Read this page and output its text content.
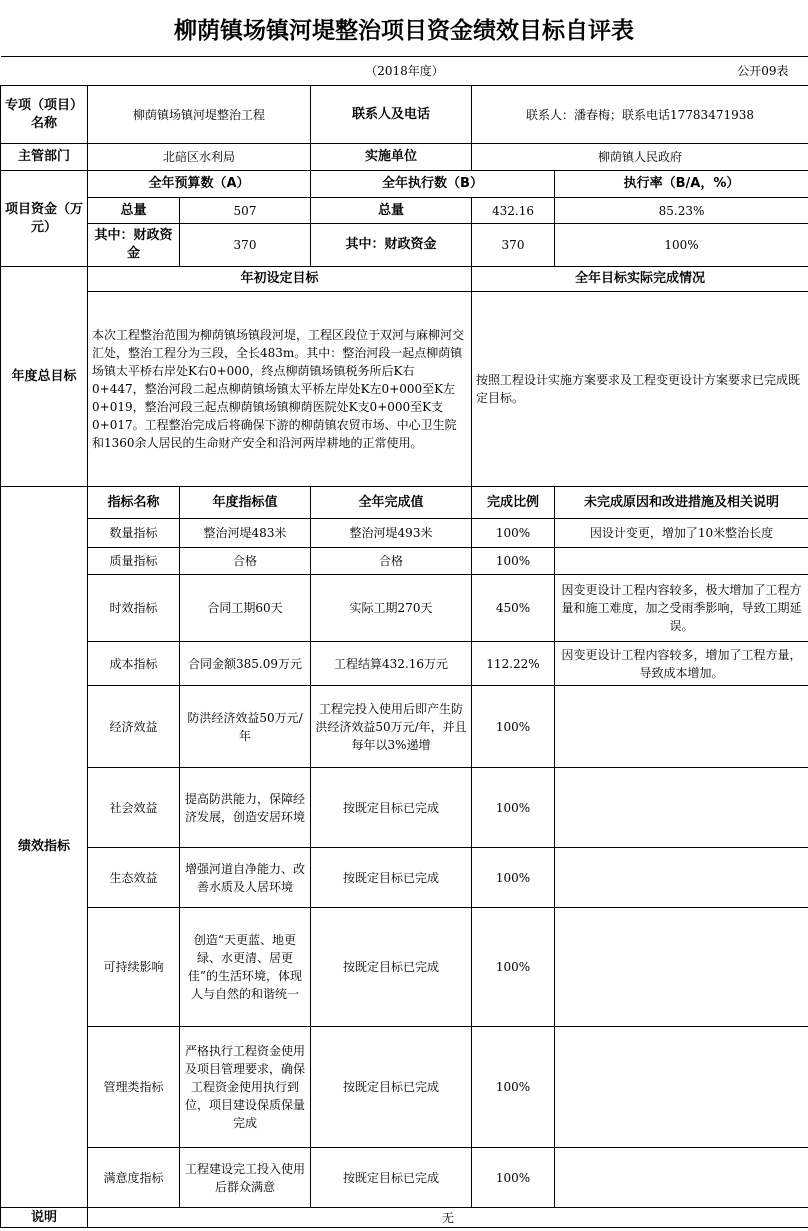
柳荫镇场镇河堤整治项目资金绩效目标自评表
（2018年度） 公开09表					

专项（项目）名称	柳荫镇场镇河堤整治工程		联系人及电话	联系人：潘春梅；联系电话17783471938	
主管部门	北碚区水利局		实施单位	柳荫镇人民政府	
项目资金（万元）	全年预算数（A）		全年执行数（B）		执行率（B/A，%）
	总量	507	总量	432.16	85.23%
	其中：财政资金	370	其中：财政资金	370	100%
年度总目标	年初设定目标			全年目标实际完成情况	
	本次工程整治范围为柳荫镇场镇段河堤，工程区段位于双河与麻柳河交汇处，整治工程分为三段，全长483m。其中：整治河段一起点柳荫镇场镇太平桥右岸处K右0+000，终点柳荫镇场镇税务所后K右0+447，整治河段二起点柳荫镇场镇太平桥左岸处K左0+000至K左0+019，整治河段三起点柳荫镇场镇柳荫医院处K支0+000至K支0+017。工程整治完成后将确保下游的柳荫镇农贸市场、中心卫生院和1360余人居民的生命财产安全和沿河两岸耕地的正常使用。			按照工程设计实施方案要求及工程变更设计方案要求已完成既定目标。	
绩效指标	指标名称	年度指标值	全年完成值	完成比例	未完成原因和改进措施及相关说明
	数量指标	整治河堤483米	整治河堤493米	100%	因设计变更，增加了10米整治长度
	质量指标	合格	合格	100%	
	时效指标	合同工期60天	实际工期270天	450%	因变更设计工程内容较多，极大增加了工程方量和施工难度，加之受雨季影响，导致工期延误。
	成本指标	合同金额385.09万元	工程结算432.16万元	112.22%	因变更设计工程内容较多，增加了工程方量，导致成本增加。
	经济效益	防洪经济效益50万元/年	工程完投入使用后即产生防洪经济效益50万元/年，并且每年以3%递增	100%	
	社会效益	提高防洪能力，保障经济发展，创造安居环境	按既定目标已完成	100%	
	生态效益	增强河道自净能力、改善水质及人居环境	按既定目标已完成	100%	
	可持续影响	创造“天更蓝、地更绿、水更清、居更佳”的生活环境，体现人与自然的和谐统一	按既定目标已完成	100%	
	管理类指标	严格执行工程资金使用及项目管理要求，确保工程资金使用执行到位，项目建设保质保量完成	按既定目标已完成	100%	
	满意度指标	工程建设完工投入使用后群众满意	按既定目标已完成	100%	
说明	无				
